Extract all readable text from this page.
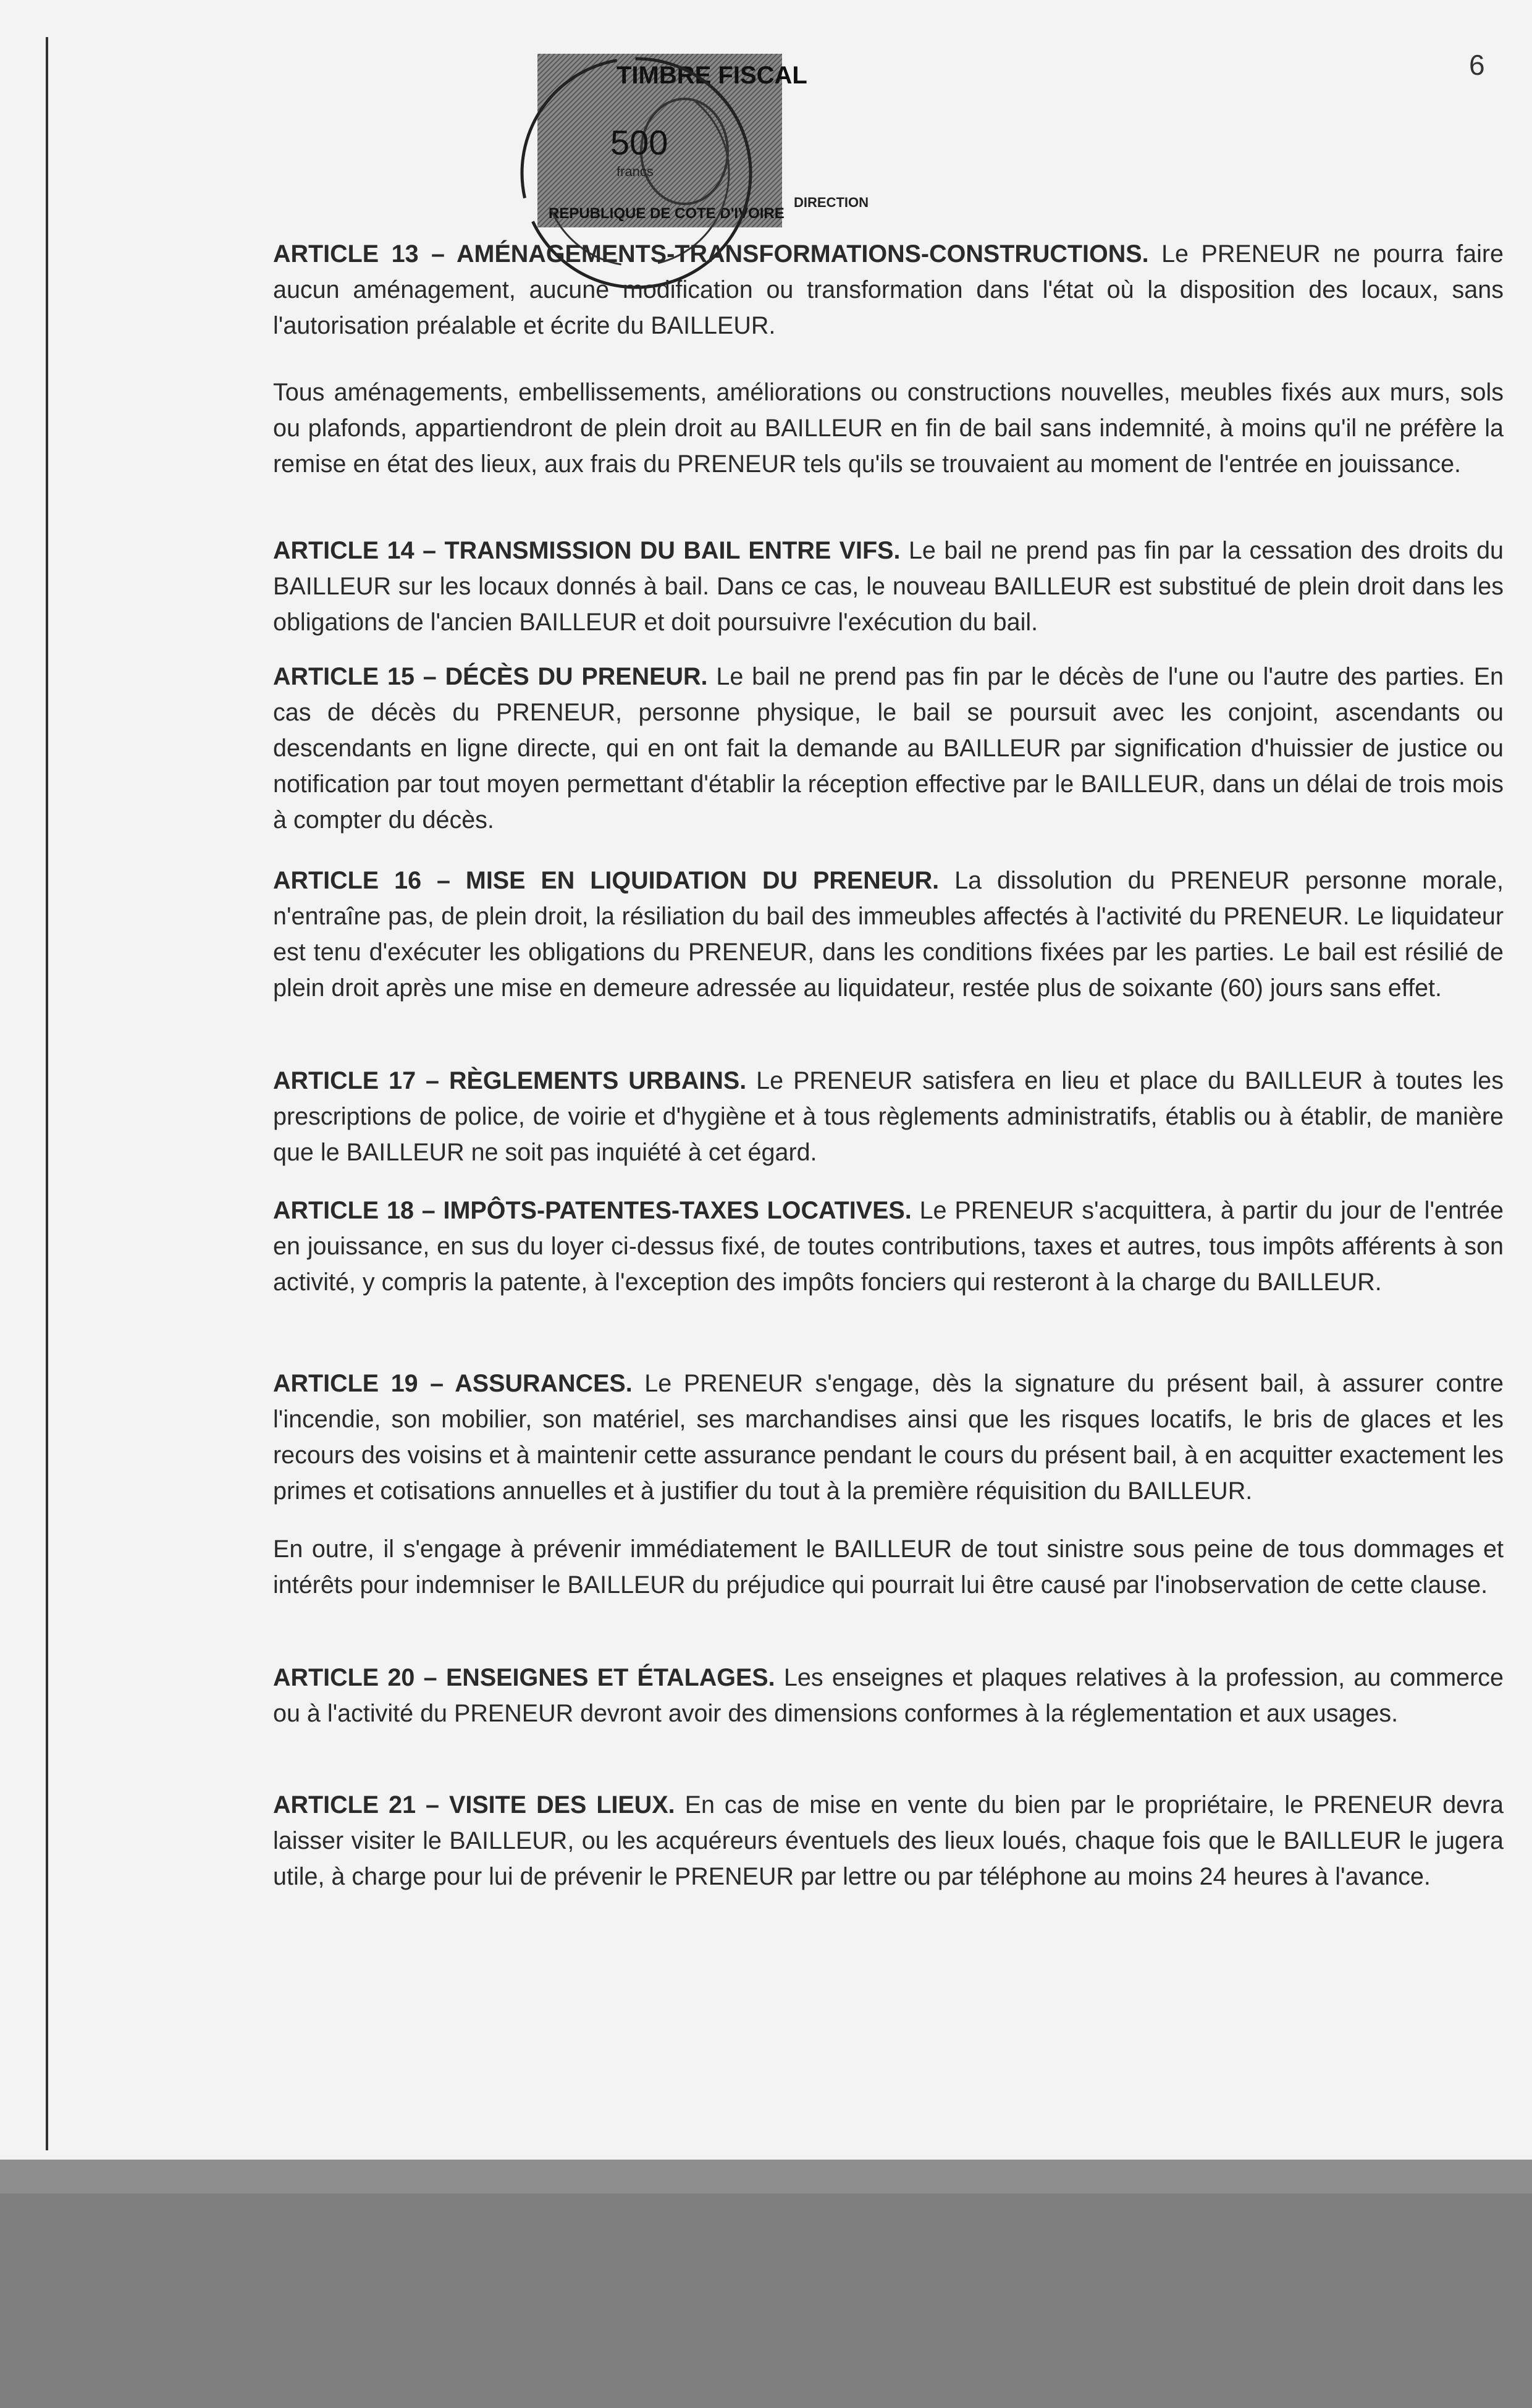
6
TIMBRE FISCAL
500
francs
REPUBLIQUE DE COTE D'IVOIRE
DIRECTION
ARTICLE 13 – AMÉNAGEMENTS-TRANSFORMATIONS-CONSTRUCTIONS. Le PRENEUR ne pourra faire aucun aménagement, aucune modification ou transformation dans l'état où la disposition des locaux, sans l'autorisation préalable et écrite du BAILLEUR.
Tous aménagements, embellissements, améliorations ou constructions nouvelles, meubles fixés aux murs, sols ou plafonds, appartiendront de plein droit au BAILLEUR en fin de bail sans indemnité, à moins qu'il ne préfère la remise en état des lieux, aux frais du PRENEUR tels qu'ils se trouvaient au moment de l'entrée en jouissance.
ARTICLE 14 – TRANSMISSION DU BAIL ENTRE VIFS. Le bail ne prend pas fin par la cessation des droits du BAILLEUR sur les locaux donnés à bail. Dans ce cas, le nouveau BAILLEUR est substitué de plein droit dans les obligations de l'ancien BAILLEUR et doit poursuivre l'exécution du bail.
ARTICLE 15 – DÉCÈS DU PRENEUR. Le bail ne prend pas fin par le décès de l'une ou l'autre des parties. En cas de décès du PRENEUR, personne physique, le bail se poursuit avec les conjoint, ascendants ou descendants en ligne directe, qui en ont fait la demande au BAILLEUR par signification d'huissier de justice ou notification par tout moyen permettant d'établir la réception effective par le BAILLEUR, dans un délai de trois mois à compter du décès.
ARTICLE 16 – MISE EN LIQUIDATION DU PRENEUR. La dissolution du PRENEUR personne morale, n'entraîne pas, de plein droit, la résiliation du bail des immeubles affectés à l'activité du PRENEUR. Le liquidateur est tenu d'exécuter les obligations du PRENEUR, dans les conditions fixées par les parties. Le bail est résilié de plein droit après une mise en demeure adressée au liquidateur, restée plus de soixante (60) jours sans effet.
ARTICLE 17 – RÈGLEMENTS URBAINS. Le PRENEUR satisfera en lieu et place du BAILLEUR à toutes les prescriptions de police, de voirie et d'hygiène et à tous règlements administratifs, établis ou à établir, de manière que le BAILLEUR ne soit pas inquiété à cet égard.
ARTICLE 18 – IMPÔTS-PATENTES-TAXES LOCATIVES. Le PRENEUR s'acquittera, à partir du jour de l'entrée en jouissance, en sus du loyer ci-dessus fixé, de toutes contributions, taxes et autres, tous impôts afférents à son activité, y compris la patente, à l'exception des impôts fonciers qui resteront à la charge du BAILLEUR.
ARTICLE 19 – ASSURANCES. Le PRENEUR s'engage, dès la signature du présent bail, à assurer contre l'incendie, son mobilier, son matériel, ses marchandises ainsi que les risques locatifs, le bris de glaces et les recours des voisins et à maintenir cette assurance pendant le cours du présent bail, à en acquitter exactement les primes et cotisations annuelles et à justifier du tout à la première réquisition du BAILLEUR.
En outre, il s'engage à prévenir immédiatement le BAILLEUR de tout sinistre sous peine de tous dommages et intérêts pour indemniser le BAILLEUR du préjudice qui pourrait lui être causé par l'inobservation de cette clause.
ARTICLE 20 – ENSEIGNES ET ÉTALAGES. Les enseignes et plaques relatives à la profession, au commerce ou à l'activité du PRENEUR devront avoir des dimensions conformes à la réglementation et aux usages.
ARTICLE 21 – VISITE DES LIEUX. En cas de mise en vente du bien par le propriétaire, le PRENEUR devra laisser visiter le BAILLEUR, ou les acquéreurs éventuels des lieux loués, chaque fois que le BAILLEUR le jugera utile, à charge pour lui de prévenir le PRENEUR par lettre ou par téléphone au moins 24 heures à l'avance.
